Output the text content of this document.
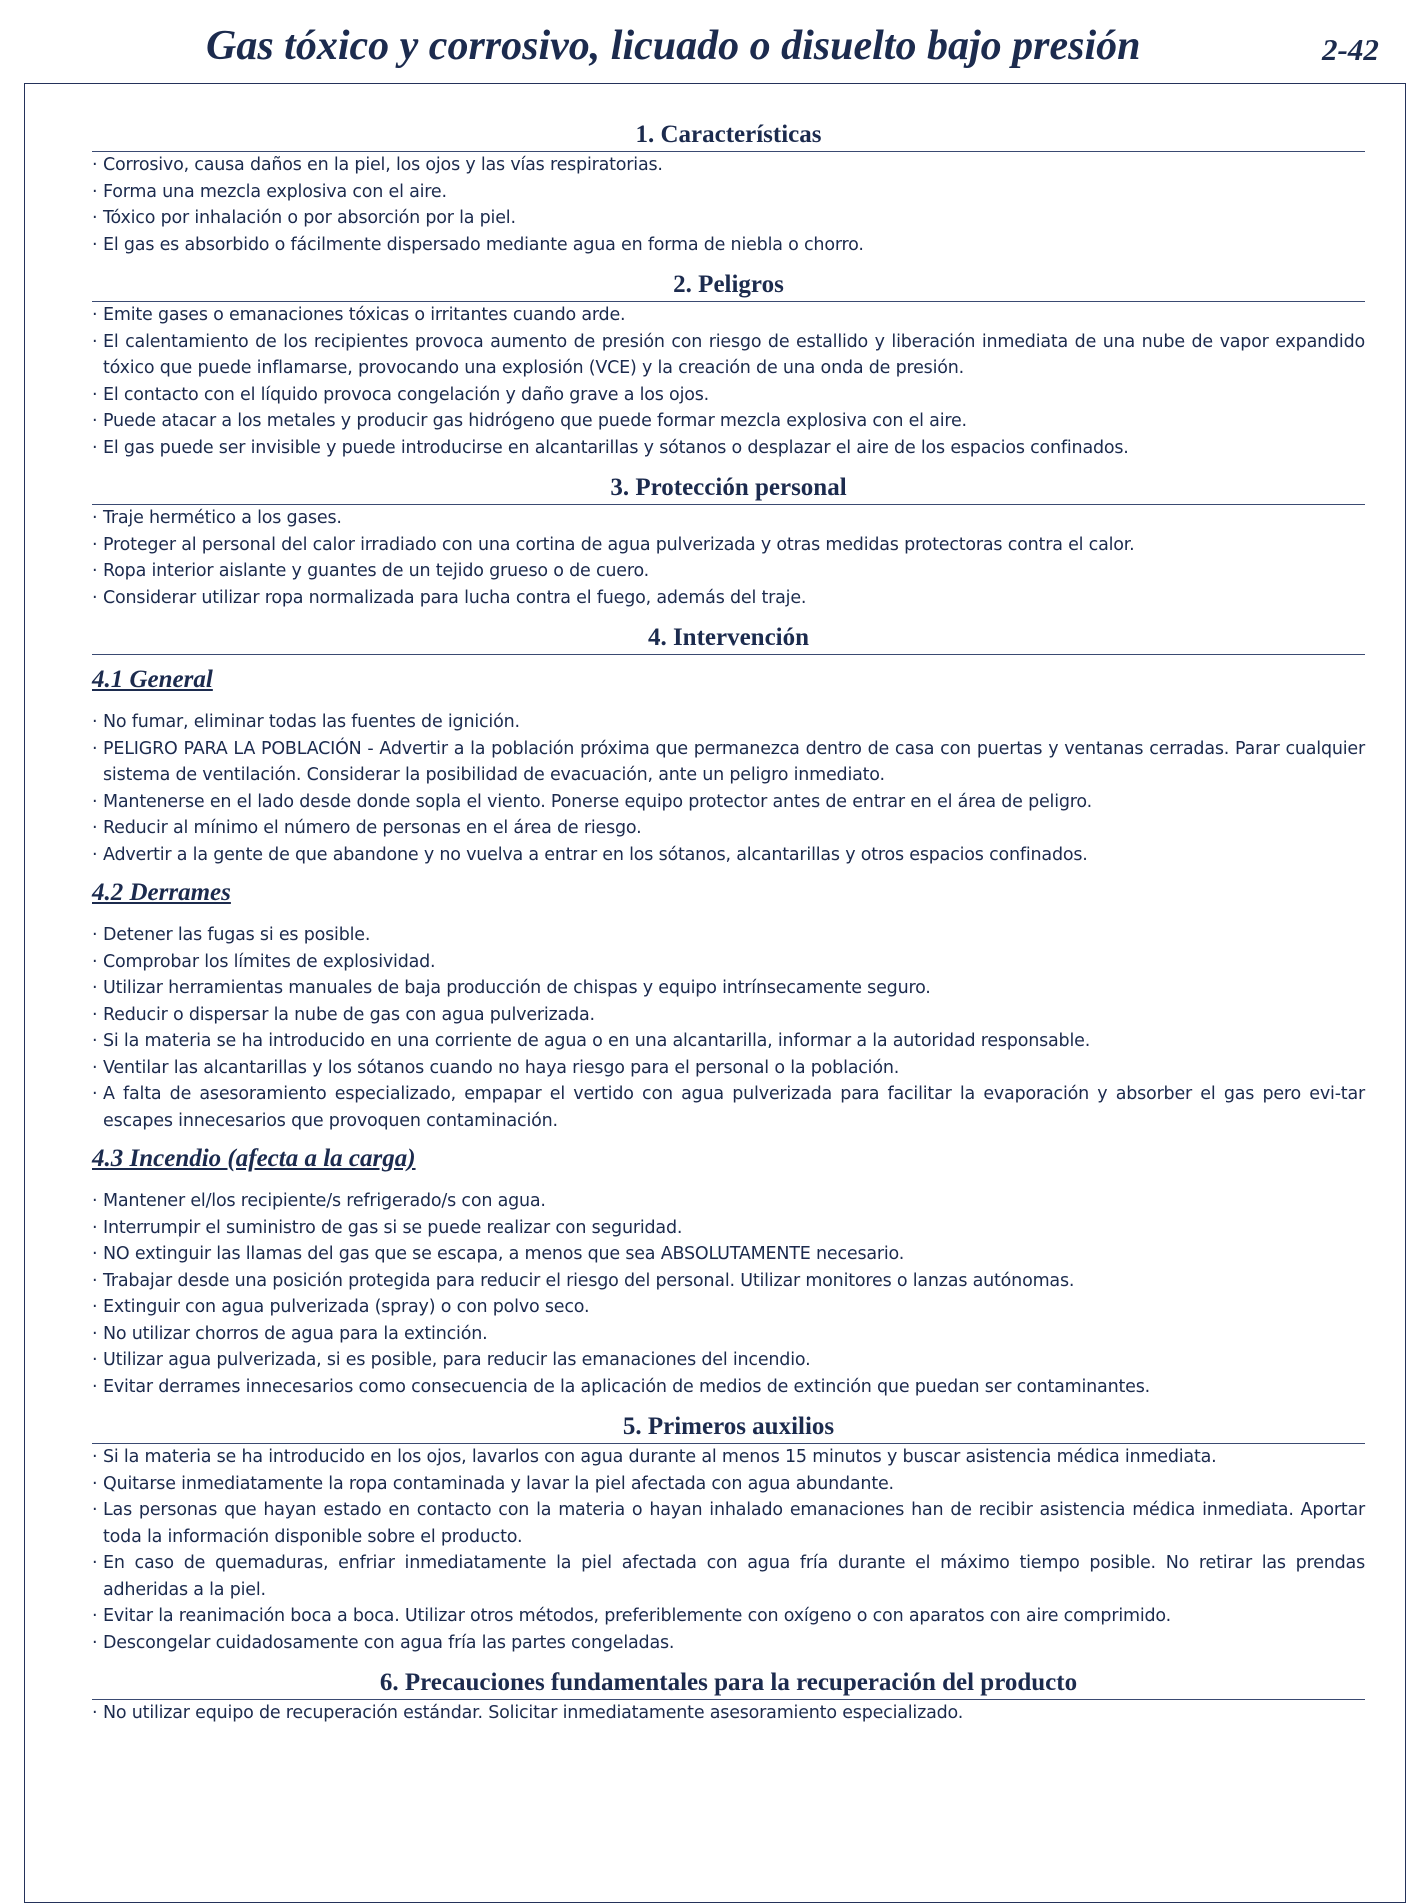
Gas tóxico y corrosivo, licuado o disuelto bajo presión	2-42
1. Características
· Corrosivo, causa daños en la piel, los ojos y las vías respiratorias.
· Forma una mezcla explosiva con el aire.
· Tóxico por inhalación o por absorción por la piel.
· El gas es absorbido o fácilmente dispersado mediante agua en forma de niebla o chorro.
2. Peligros
· Emite gases o emanaciones tóxicas o irritantes cuando arde.
· El calentamiento de los recipientes provoca aumento de presión con riesgo de estallido y liberación inmediata de una nube de vapor expandido tóxico que puede inflamarse, provocando una explosión (VCE) y la creación de una onda de presión.
· El contacto con el líquido provoca congelación y daño grave a los ojos.
· Puede atacar a los metales y producir gas hidrógeno que puede formar mezcla explosiva con el aire.
· El gas puede ser invisible y puede introducirse en alcantarillas y sótanos o desplazar el aire de los espacios confinados.
3. Protección personal
· Traje hermético a los gases.
· Proteger al personal del calor irradiado con una cortina de agua pulverizada y otras medidas protectoras contra el calor.
· Ropa interior aislante y guantes de un tejido grueso o de cuero.
· Considerar utilizar ropa normalizada para lucha contra el fuego, además del traje.
4. Intervención
4.1 General
· No fumar, eliminar todas las fuentes de ignición.
· PELIGRO PARA LA POBLACIÓN - Advertir a la población próxima que permanezca dentro de casa con puertas y ventanas cerradas. Parar cualquier sistema de ventilación. Considerar la posibilidad de evacuación, ante un peligro inmediato.
· Mantenerse en el lado desde donde sopla el viento. Ponerse equipo protector antes de entrar en el área de peligro.
· Reducir al mínimo el número de personas en el área de riesgo.
· Advertir a la gente de que abandone y no vuelva a entrar en los sótanos, alcantarillas y otros espacios confinados.
4.2 Derrames
· Detener las fugas si es posible.
· Comprobar los límites de explosividad.
· Utilizar herramientas manuales de baja producción de chispas y equipo intrínsecamente seguro.
· Reducir o dispersar la nube de gas con agua pulverizada.
· Si la materia se ha introducido en una corriente de agua o en una alcantarilla, informar a la autoridad responsable.
· Ventilar las alcantarillas y los sótanos cuando no haya riesgo para el personal o la población.
· A falta de asesoramiento especializado, empapar el vertido con agua pulverizada para facilitar la evaporación y absorber el gas pero evi-tar escapes innecesarios que provoquen contaminación.
4.3 Incendio (afecta a la carga)
· Mantener el/los recipiente/s refrigerado/s con agua.
· Interrumpir el suministro de gas si se puede realizar con seguridad.
· NO extinguir las llamas del gas que se escapa, a menos que sea ABSOLUTAMENTE necesario.
· Trabajar desde una posición protegida para reducir el riesgo del personal. Utilizar monitores o lanzas autónomas.
· Extinguir con agua pulverizada (spray) o con polvo seco.
· No utilizar chorros de agua para la extinción.
· Utilizar agua pulverizada, si es posible, para reducir las emanaciones del incendio.
· Evitar derrames innecesarios como consecuencia de la aplicación de medios de extinción que puedan ser contaminantes.
5. Primeros auxilios
· Si la materia se ha introducido en los ojos, lavarlos con agua durante al menos 15 minutos y buscar asistencia médica inmediata.
· Quitarse inmediatamente la ropa contaminada y lavar la piel afectada con agua abundante.
· Las personas que hayan estado en contacto con la materia o hayan inhalado emanaciones han de recibir asistencia médica inmediata. Aportar toda la información disponible sobre el producto.
· En caso de quemaduras, enfriar inmediatamente la piel afectada con agua fría durante el máximo tiempo posible. No retirar las prendas adheridas a la piel.
· Evitar la reanimación boca a boca. Utilizar otros métodos, preferiblemente con oxígeno o con aparatos con aire comprimido.
· Descongelar cuidadosamente con agua fría las partes congeladas.
6. Precauciones fundamentales para la recuperación del producto
· No utilizar equipo de recuperación estándar. Solicitar inmediatamente asesoramiento especializado.
